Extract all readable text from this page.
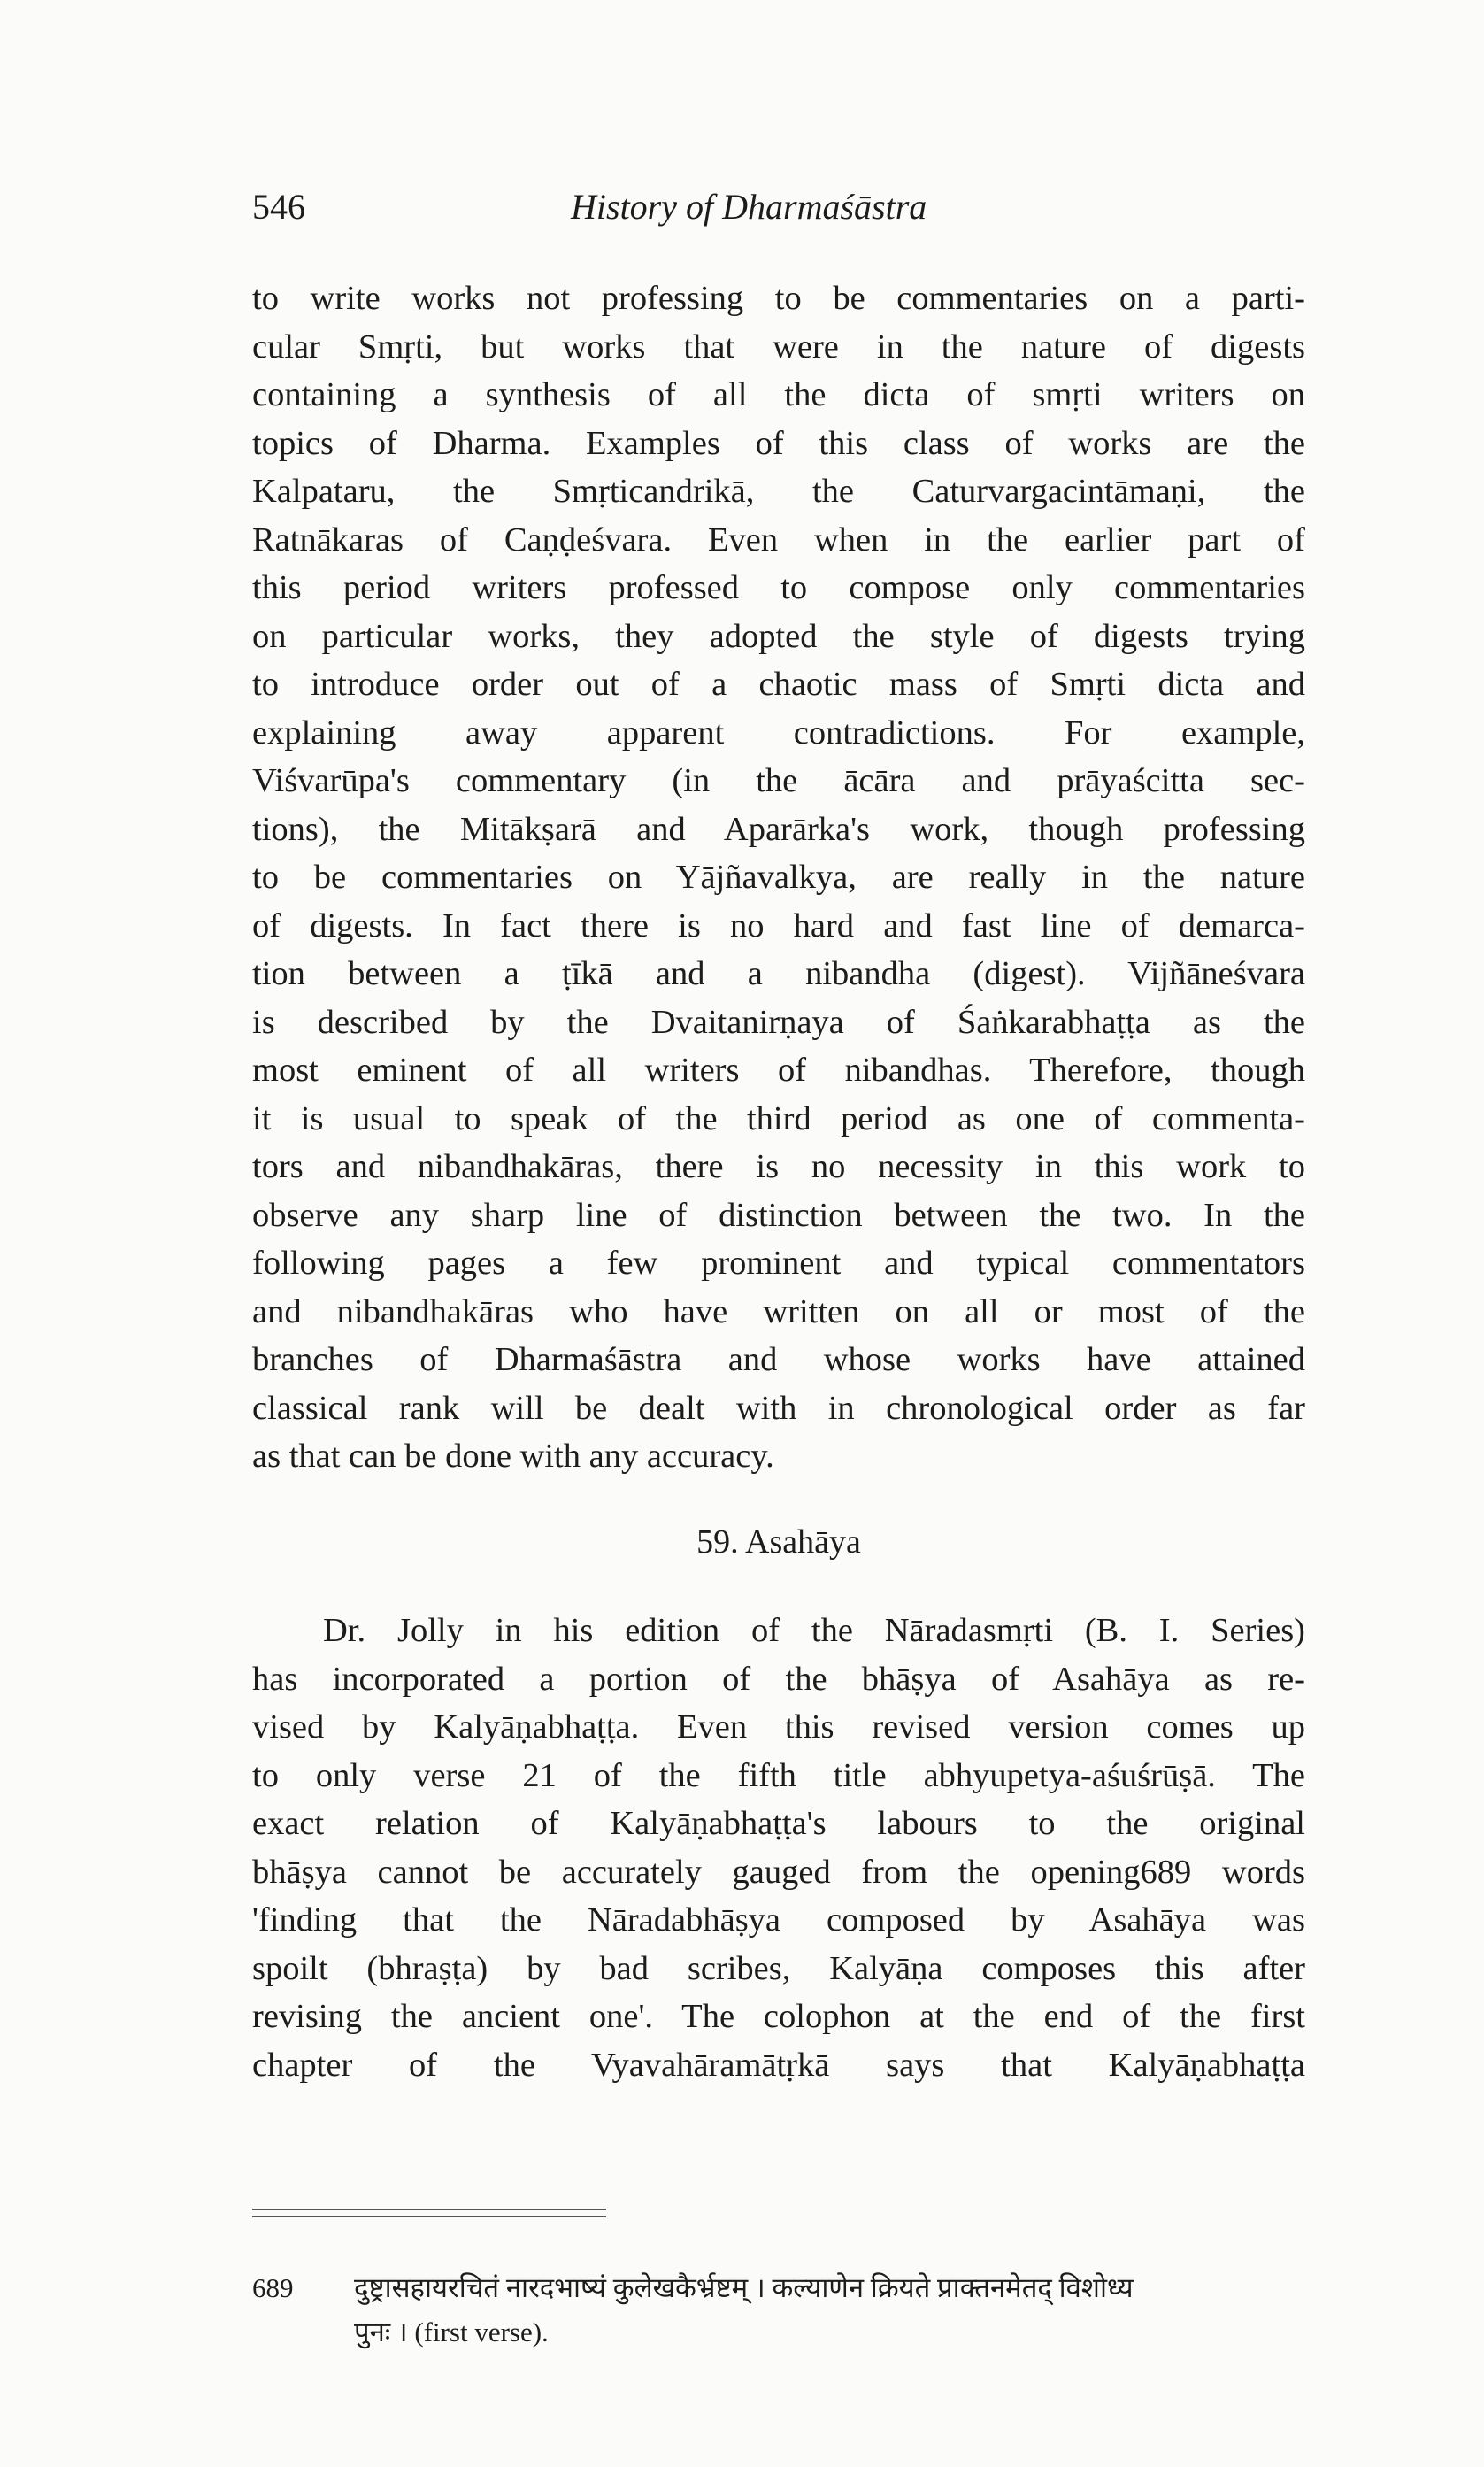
546	History of Dharmaśāstra
to write works not professing to be commentaries on a parti-
cular Smṛti, but works that were in the nature of digests
containing a synthesis of all the dicta of smṛti writers on
topics of Dharma. Examples of this class of works are the
Kalpataru, the Smṛticandrikā, the Caturvargacintāmaṇi, the
Ratnākaras of Caṇḍeśvara. Even when in the earlier part of
this period writers professed to compose only commentaries
on particular works, they adopted the style of digests trying
to introduce order out of a chaotic mass of Smṛti dicta and
explaining away apparent contradictions. For example,
Viśvarūpa's commentary (in the ācāra and prāyaścitta sec-
tions), the Mitākṣarā and Aparārka's work, though professing
to be commentaries on Yājñavalkya, are really in the nature
of digests. In fact there is no hard and fast line of demarca-
tion between a ṭīkā and a nibandha (digest). Vijñāneśvara
is described by the Dvaitanirṇaya of Śaṅkarabhaṭṭa as the
most eminent of all writers of nibandhas. Therefore, though
it is usual to speak of the third period as one of commenta-
tors and nibandhakāras, there is no necessity in this work to
observe any sharp line of distinction between the two. In the
following pages a few prominent and typical commentators
and nibandhakāras who have written on all or most of the
branches of Dharmaśāstra and whose works have attained
classical rank will be dealt with in chronological order as far
as that can be done with any accuracy.
59. Asahāya
Dr. Jolly in his edition of the Nāradasmṛti (B. I. Series)
has incorporated a portion of the bhāṣya of Asahāya as re-
vised by Kalyāṇabhaṭṭa. Even this revised version comes up
to only verse 21 of the fifth title abhyupetya-aśuśrūṣā. The
exact relation of Kalyāṇabhaṭṭa's labours to the original
bhāṣya cannot be accurately gauged from the opening689 words
'finding that the Nāradabhāṣya composed by Asahāya was
spoilt (bhraṣṭa) by bad scribes, Kalyāṇa composes this after
revising the ancient one'. The colophon at the end of the first
chapter of the Vyavahāramātṛkā says that Kalyāṇabhaṭṭa
689 दुष्ट्रासहायरचितं नारदभाष्यं कुलेखकैर्भ्रष्टम् । कल्याणेन क्रियते प्राक्तनमेतद् विशोध्य
पुनः । (first verse).
